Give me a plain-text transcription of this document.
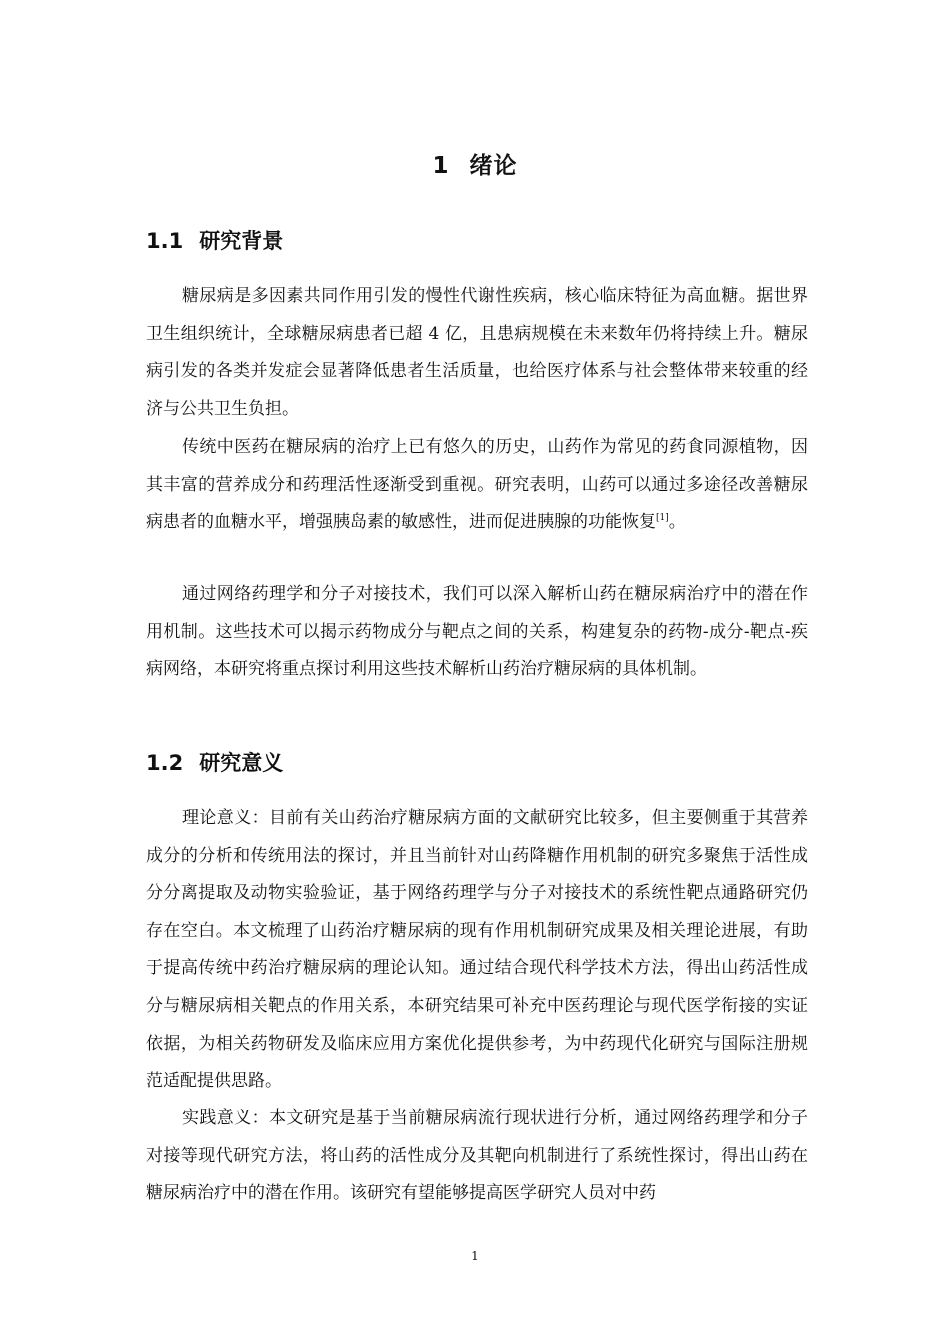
1 绪论
1.1 研究背景

糖尿病是多因素共同作用引发的慢性代谢性疾病，核心临床特征为高血糖。据世界卫生组织统计，全球糖尿病患者已超 4 亿，且患病规模在未来数年仍将持续上升。糖尿病引发的各类并发症会显著降低患者生活质量，也给医疗体系与社会整体带来较重的经济与公共卫生负担。

传统中医药在糖尿病的治疗上已有悠久的历史，山药作为常见的药食同源植物，因其丰富的营养成分和药理活性逐渐受到重视。研究表明，山药可以通过多途径改善糖尿病患者的血糖水平，增强胰岛素的敏感性，进而促进胰腺的功能恢复[1]。

通过网络药理学和分子对接技术，我们可以深入解析山药在糖尿病治疗中的潜在作用机制。这些技术可以揭示药物成分与靶点之间的关系，构建复杂的药物-成分-靶点-疾病网络，本研究将重点探讨利用这些技术解析山药治疗糖尿病的具体机制。

1.2 研究意义

理论意义：目前有关山药治疗糖尿病方面的文献研究比较多，但主要侧重于其营养成分的分析和传统用法的探讨，并且当前针对山药降糖作用机制的研究多聚焦于活性成分分离提取及动物实验验证，基于网络药理学与分子对接技术的系统性靶点通路研究仍存在空白。本文梳理了山药治疗糖尿病的现有作用机制研究成果及相关理论进展，有助于提高传统中药治疗糖尿病的理论认知。通过结合现代科学技术方法，得出山药活性成分与糖尿病相关靶点的作用关系，本研究结果可补充中医药理论与现代医学衔接的实证依据，为相关药物研发及临床应用方案优化提供参考，为中药现代化研究与国际注册规范适配提供思路。

实践意义：本文研究是基于当前糖尿病流行现状进行分析，通过网络药理学和分子对接等现代研究方法，将山药的活性成分及其靶向机制进行了系统性探讨，得出山药在糖尿病治疗中的潜在作用。该研究有望能够提高医学研究人员对中药

1
